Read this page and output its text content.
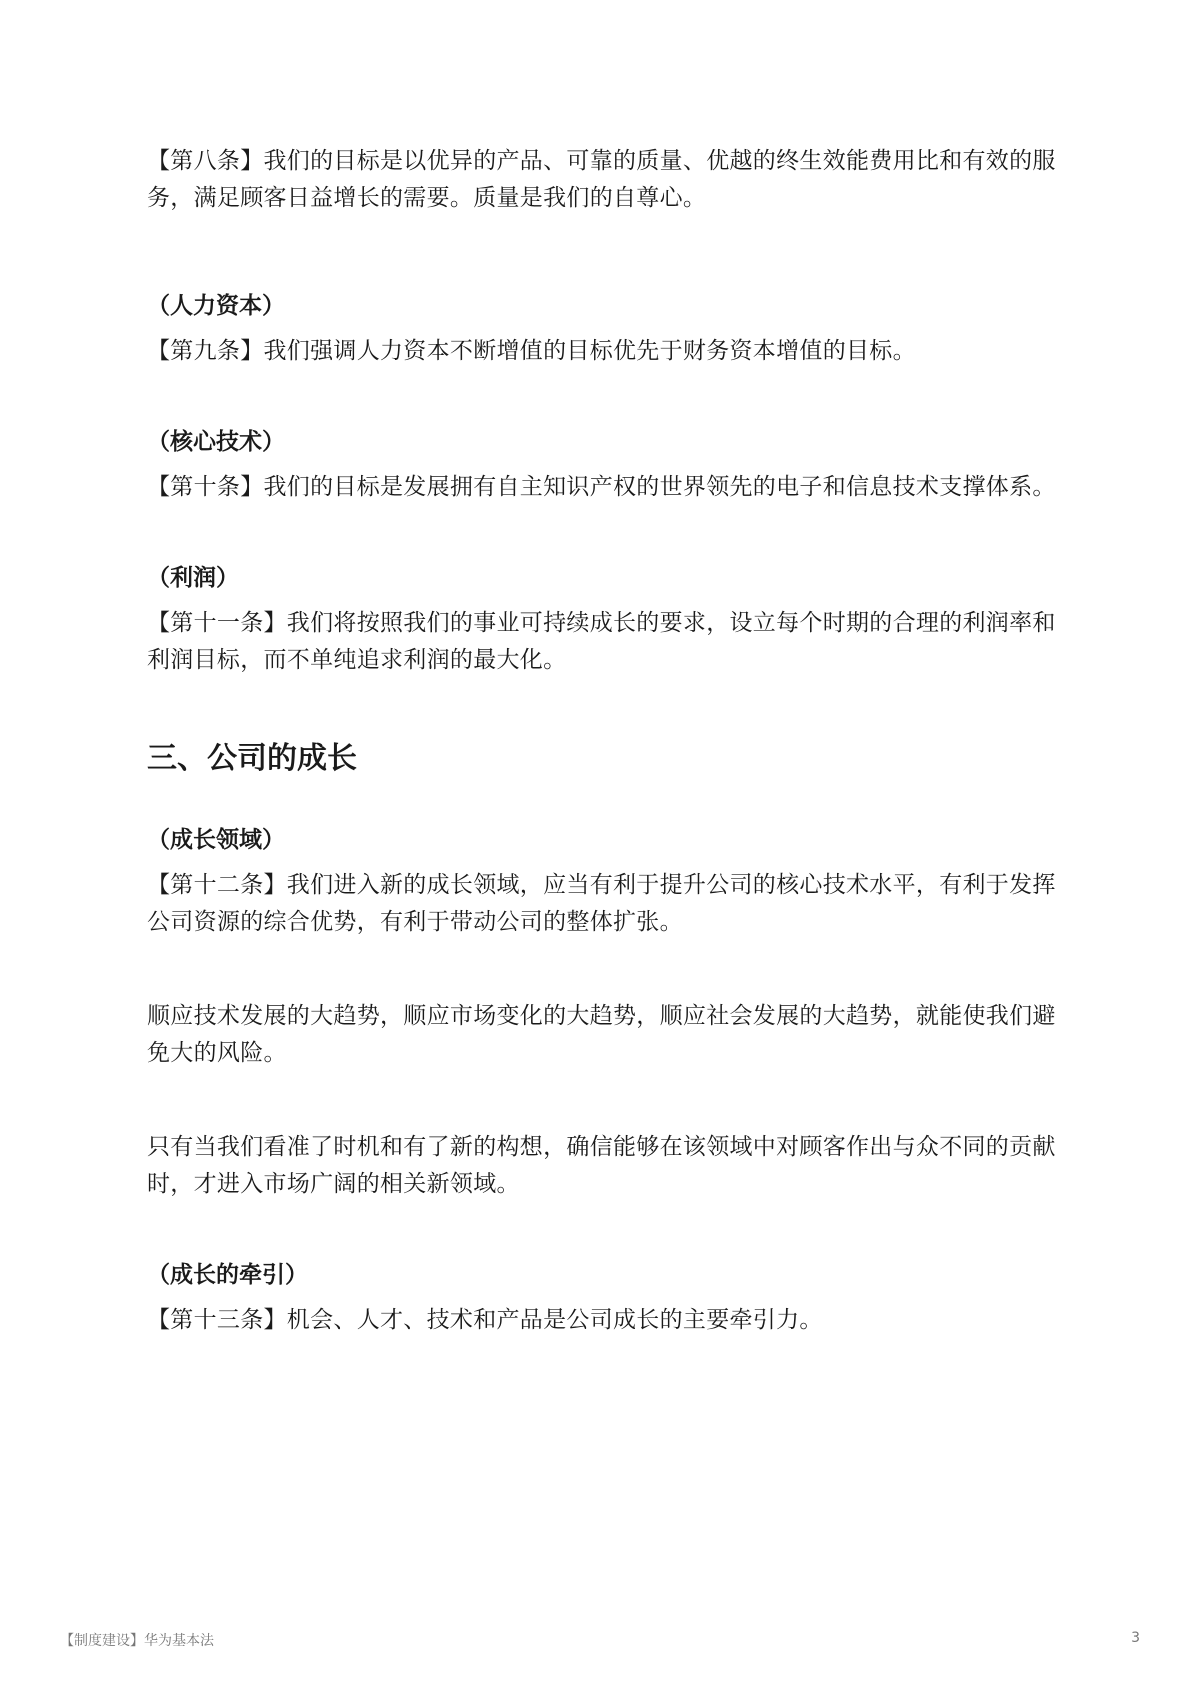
【第八条】我们的目标是以优异的产品、可靠的质量、优越的终生效能费用比和有效的服务，满足顾客日益增长的需要。质量是我们的自尊心。

（人力资本）

【第九条】我们强调人力资本不断增值的目标优先于财务资本增值的目标。

（核心技术）

【第十条】我们的目标是发展拥有自主知识产权的世界领先的电子和信息技术支撑体系。

（利润）

【第十一条】我们将按照我们的事业可持续成长的要求，设立每个时期的合理的利润率和利润目标，而不单纯追求利润的最大化。

三、公司的成长

（成长领域）

【第十二条】我们进入新的成长领域，应当有利于提升公司的核心技术水平，有利于发挥公司资源的综合优势，有利于带动公司的整体扩张。

顺应技术发展的大趋势，顺应市场变化的大趋势，顺应社会发展的大趋势，就能使我们避免大的风险。

只有当我们看准了时机和有了新的构想，确信能够在该领域中对顾客作出与众不同的贡献时，才进入市场广阔的相关新领域。

（成长的牵引）

【第十三条】机会、人才、技术和产品是公司成长的主要牵引力。

【制度建设】华为基本法	3
